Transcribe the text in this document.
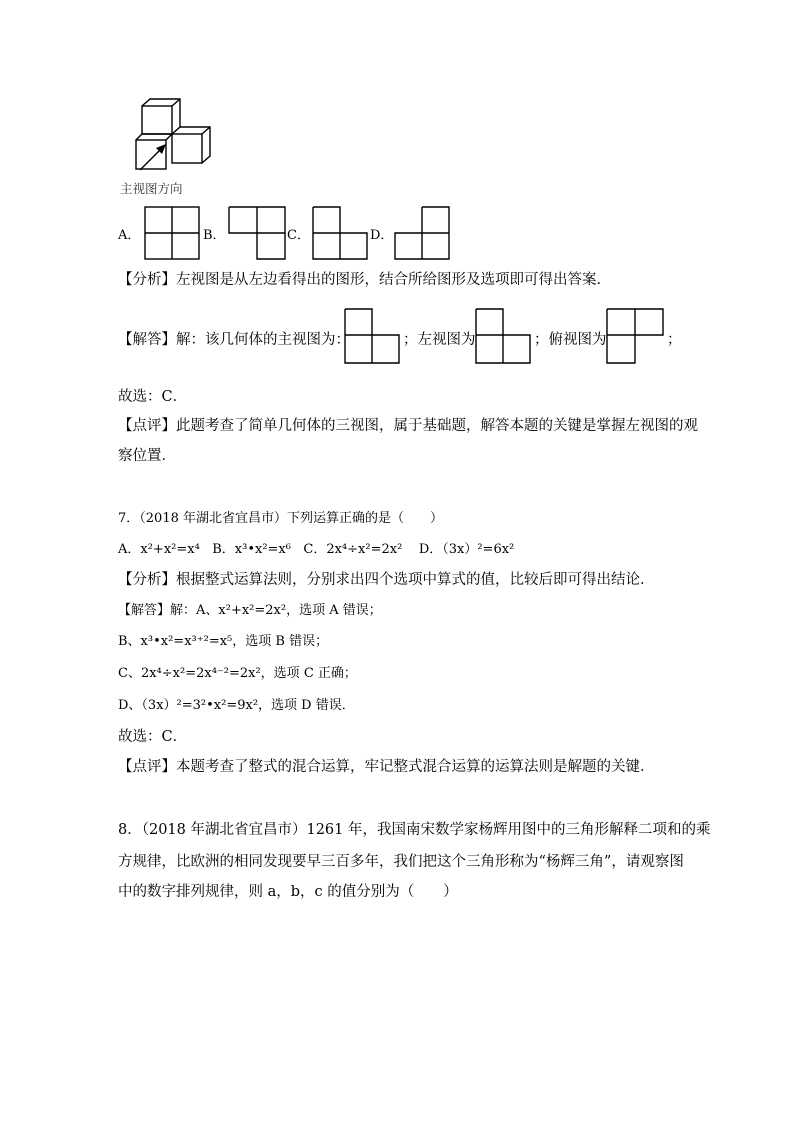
主视图方向
A．	B．	C．	D．
【分析】左视图是从左边看得出的图形，结合所给图形及选项即可得出答案．
【解答】解：该几何体的主视图为：	；左视图为	；俯视图为	；
故选：C．
【点评】此题考查了简单几何体的三视图，属于基础题，解答本题的关键是掌握左视图的观
察位置．
7．（2018 年湖北省宜昌市）下列运算正确的是（　　）
A．x²+x²=x⁴ B．x³•x²=x⁶ C．2x⁴÷x²=2x² D．（3x）²=6x²
【分析】根据整式运算法则，分别求出四个选项中算式的值，比较后即可得出结论．
【解答】解：A、x²+x²=2x²，选项 A 错误；
B、x³•x²=x³⁺²=x⁵，选项 B 错误；
C、2x⁴÷x²=2x⁴⁻²=2x²，选项 C 正确；
D、（3x）²=3²•x²=9x²，选项 D 错误．
故选：C．
【点评】本题考查了整式的混合运算，牢记整式混合运算的运算法则是解题的关键．
8．（2018 年湖北省宜昌市）1261 年，我国南宋数学家杨辉用图中的三角形解释二项和的乘
方规律，比欧洲的相同发现要早三百多年，我们把这个三角形称为“杨辉三角”，请观察图
中的数字排列规律，则 a，b，c 的值分别为（　　）
